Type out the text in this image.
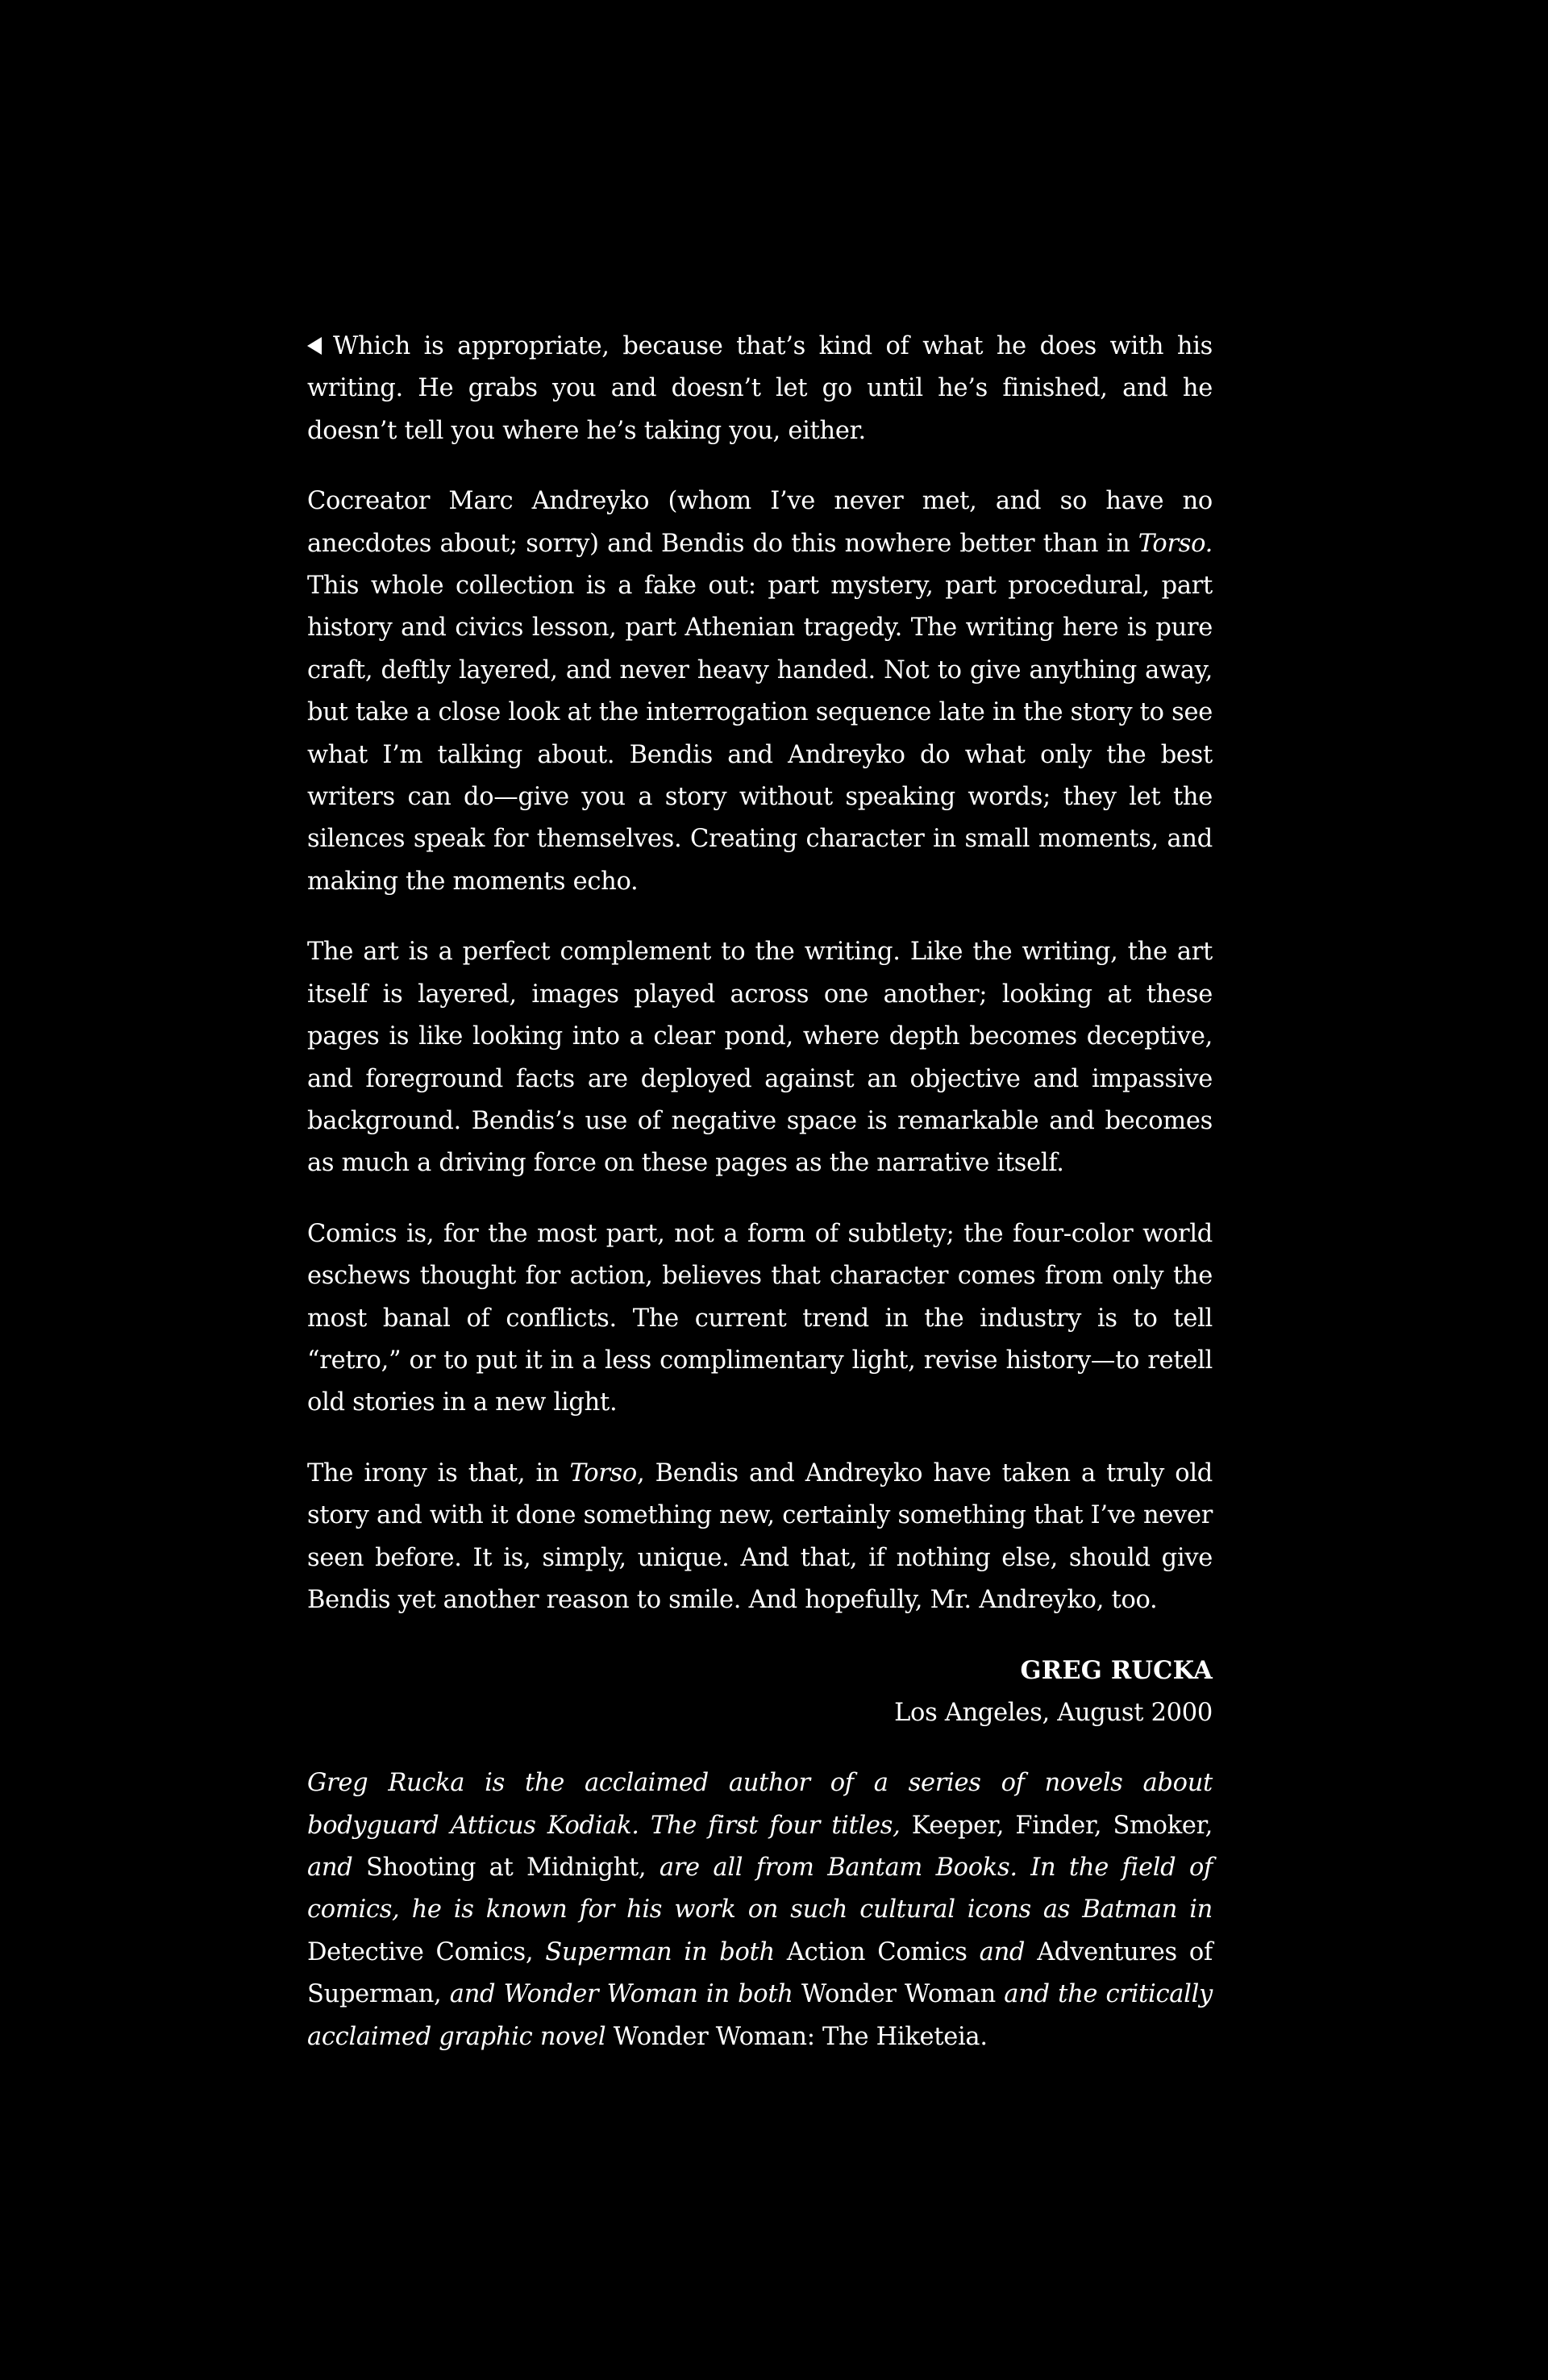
Which is appropriate, because that’s kind of what he does with his writing. He grabs you and doesn’t let go until he’s finished, and he doesn’t tell you where he’s taking you, either.

Cocreator Marc Andreyko (whom I’ve never met, and so have no anecdotes about; sorry) and Bendis do this nowhere better than in Torso. This whole collection is a fake out: part mystery, part procedural, part history and civics lesson, part Athenian tragedy. The writing here is pure craft, deftly layered, and never heavy handed. Not to give anything away, but take a close look at the interrogation sequence late in the story to see what I’m talking about. Bendis and Andreyko do what only the best writers can do—give you a story without speaking words; they let the silences speak for themselves. Creating character in small moments, and making the moments echo.

The art is a perfect complement to the writing. Like the writing, the art itself is layered, images played across one another; looking at these pages is like looking into a clear pond, where depth becomes deceptive, and foreground facts are deployed against an objective and impassive background. Bendis’s use of negative space is remarkable and becomes as much a driving force on these pages as the narrative itself.

Comics is, for the most part, not a form of subtlety; the four-color world eschews thought for action, believes that character comes from only the most banal of conflicts. The current trend in the industry is to tell “retro,” or to put it in a less complimentary light, revise history—to retell old stories in a new light.

The irony is that, in Torso, Bendis and Andreyko have taken a truly old story and with it done something new, certainly something that I’ve never seen before. It is, simply, unique. And that, if nothing else, should give Bendis yet another reason to smile. And hopefully, Mr. Andreyko, too.

GREG RUCKA
Los Angeles, August 2000

Greg Rucka is the acclaimed author of a series of novels about bodyguard Atticus Kodiak. The first four titles, Keeper, Finder, Smoker, and Shooting at Midnight, are all from Bantam Books. In the field of comics, he is known for his work on such cultural icons as Batman in Detective Comics, Superman in both Action Comics and Adventures of Superman, and Wonder Woman in both Wonder Woman and the critically acclaimed graphic novel Wonder Woman: The Hiketeia.
